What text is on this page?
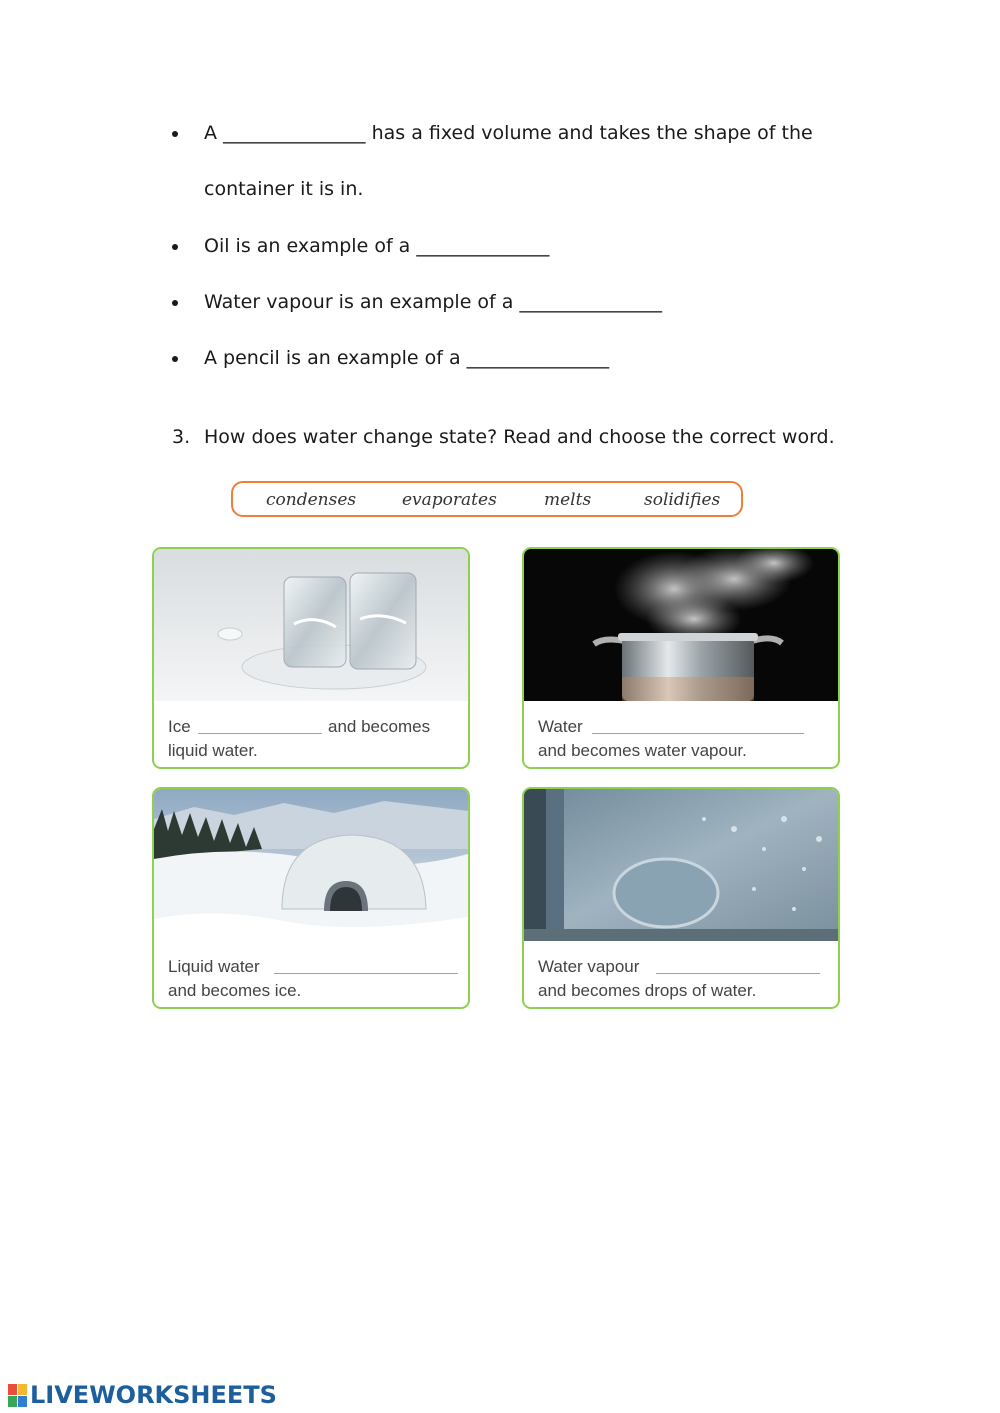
A _______________ has a fixed volume and takes the shape of the
container it is in.
Oil is an example of a ______________
Water vapour is an example of a _______________
A pencil is an example of a _______________
3. How does water change state? Read and choose the correct word.
condenses	evaporates	melts	solidifies
Ice	and becomes
liquid water.
Water
and becomes water vapour.
Liquid water
and becomes ice.
Water vapour
and becomes drops of water.
LIVEWORKSHEETS
